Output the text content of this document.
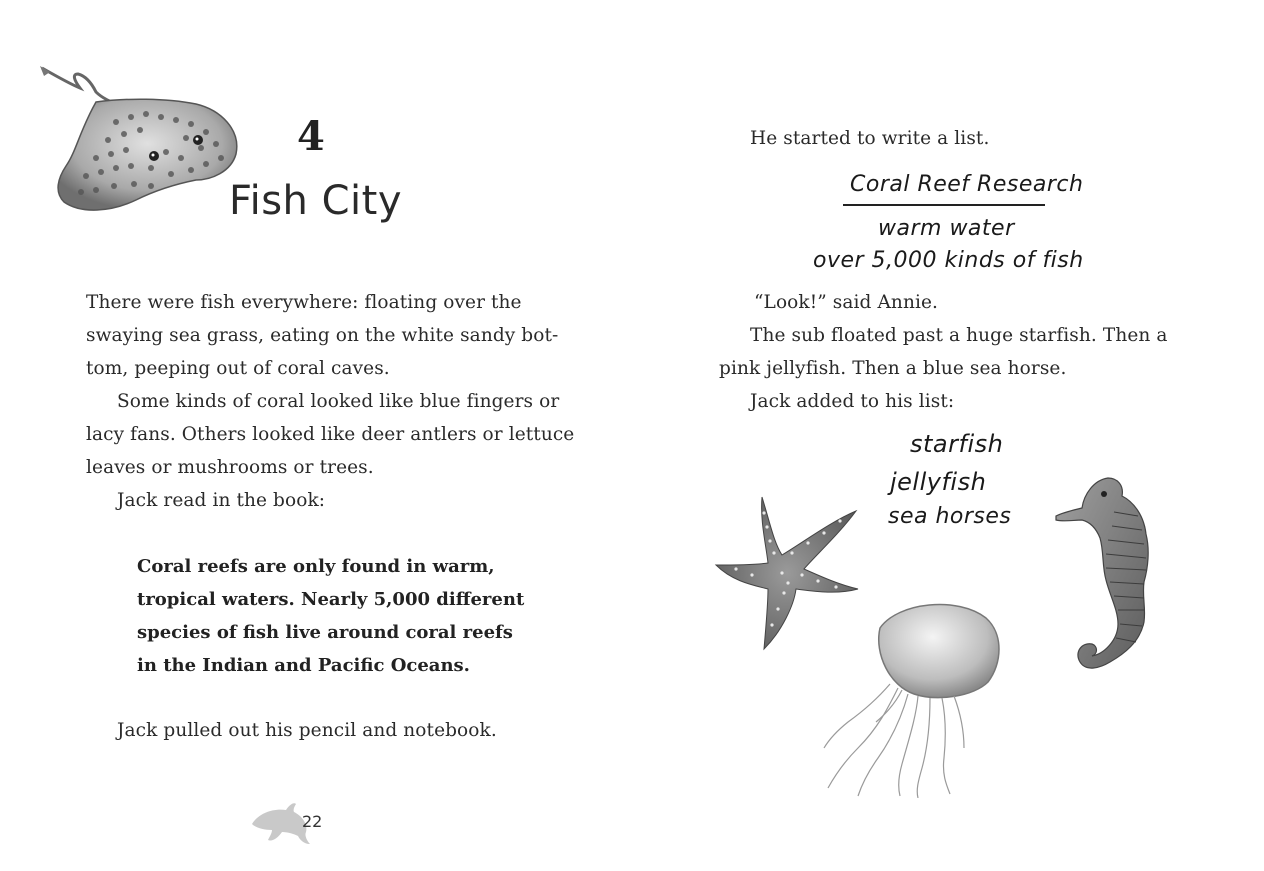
4
Fish City
There were fish everywhere: floating over the
swaying sea grass, eating on the white sandy bot-
tom, peeping out of coral caves.
Some kinds of coral looked like blue fingers or
lacy fans. Others looked like deer antlers or lettuce
leaves or mushrooms or trees.
Jack read in the book:
Coral reefs are only found in warm,
tropical waters. Nearly 5,000 different
species of fish live around coral reefs
in the Indian and Pacific Oceans.
Jack pulled out his pencil and notebook.
22
He started to write a list.
Coral Reef Research
warm water
over 5,000 kinds of fish
“Look!” said Annie.
The sub floated past a huge starfish. Then a
pink jellyfish. Then a blue sea horse.
Jack added to his list:
starfish
jellyfish
sea horses
